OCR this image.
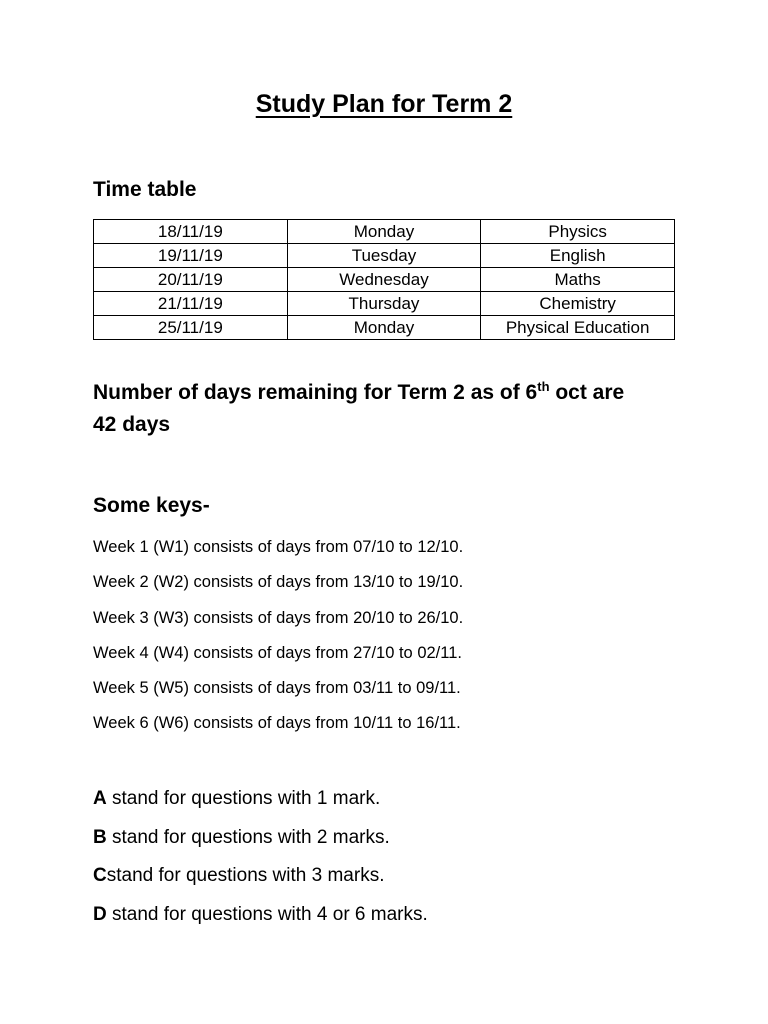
Study Plan for Term 2
Time table
18/11/19	Monday	Physics
19/11/19	Tuesday	English
20/11/19	Wednesday	Maths
21/11/19	Thursday	Chemistry
25/11/19	Monday	Physical Education
Number of days remaining for Term 2 as of 6th oct are
42 days
Some keys-
Week 1 (W1) consists of days from 07/10 to 12/10.
Week 2 (W2) consists of days from 13/10 to 19/10.
Week 3 (W3) consists of days from 20/10 to 26/10.
Week 4 (W4) consists of days from 27/10 to 02/11.
Week 5 (W5) consists of days from 03/11 to 09/11.
Week 6 (W6) consists of days from 10/11 to 16/11.
A stand for questions with 1 mark.
B stand for questions with 2 marks.
Cstand for questions with 3 marks.
D stand for questions with 4 or 6 marks.
